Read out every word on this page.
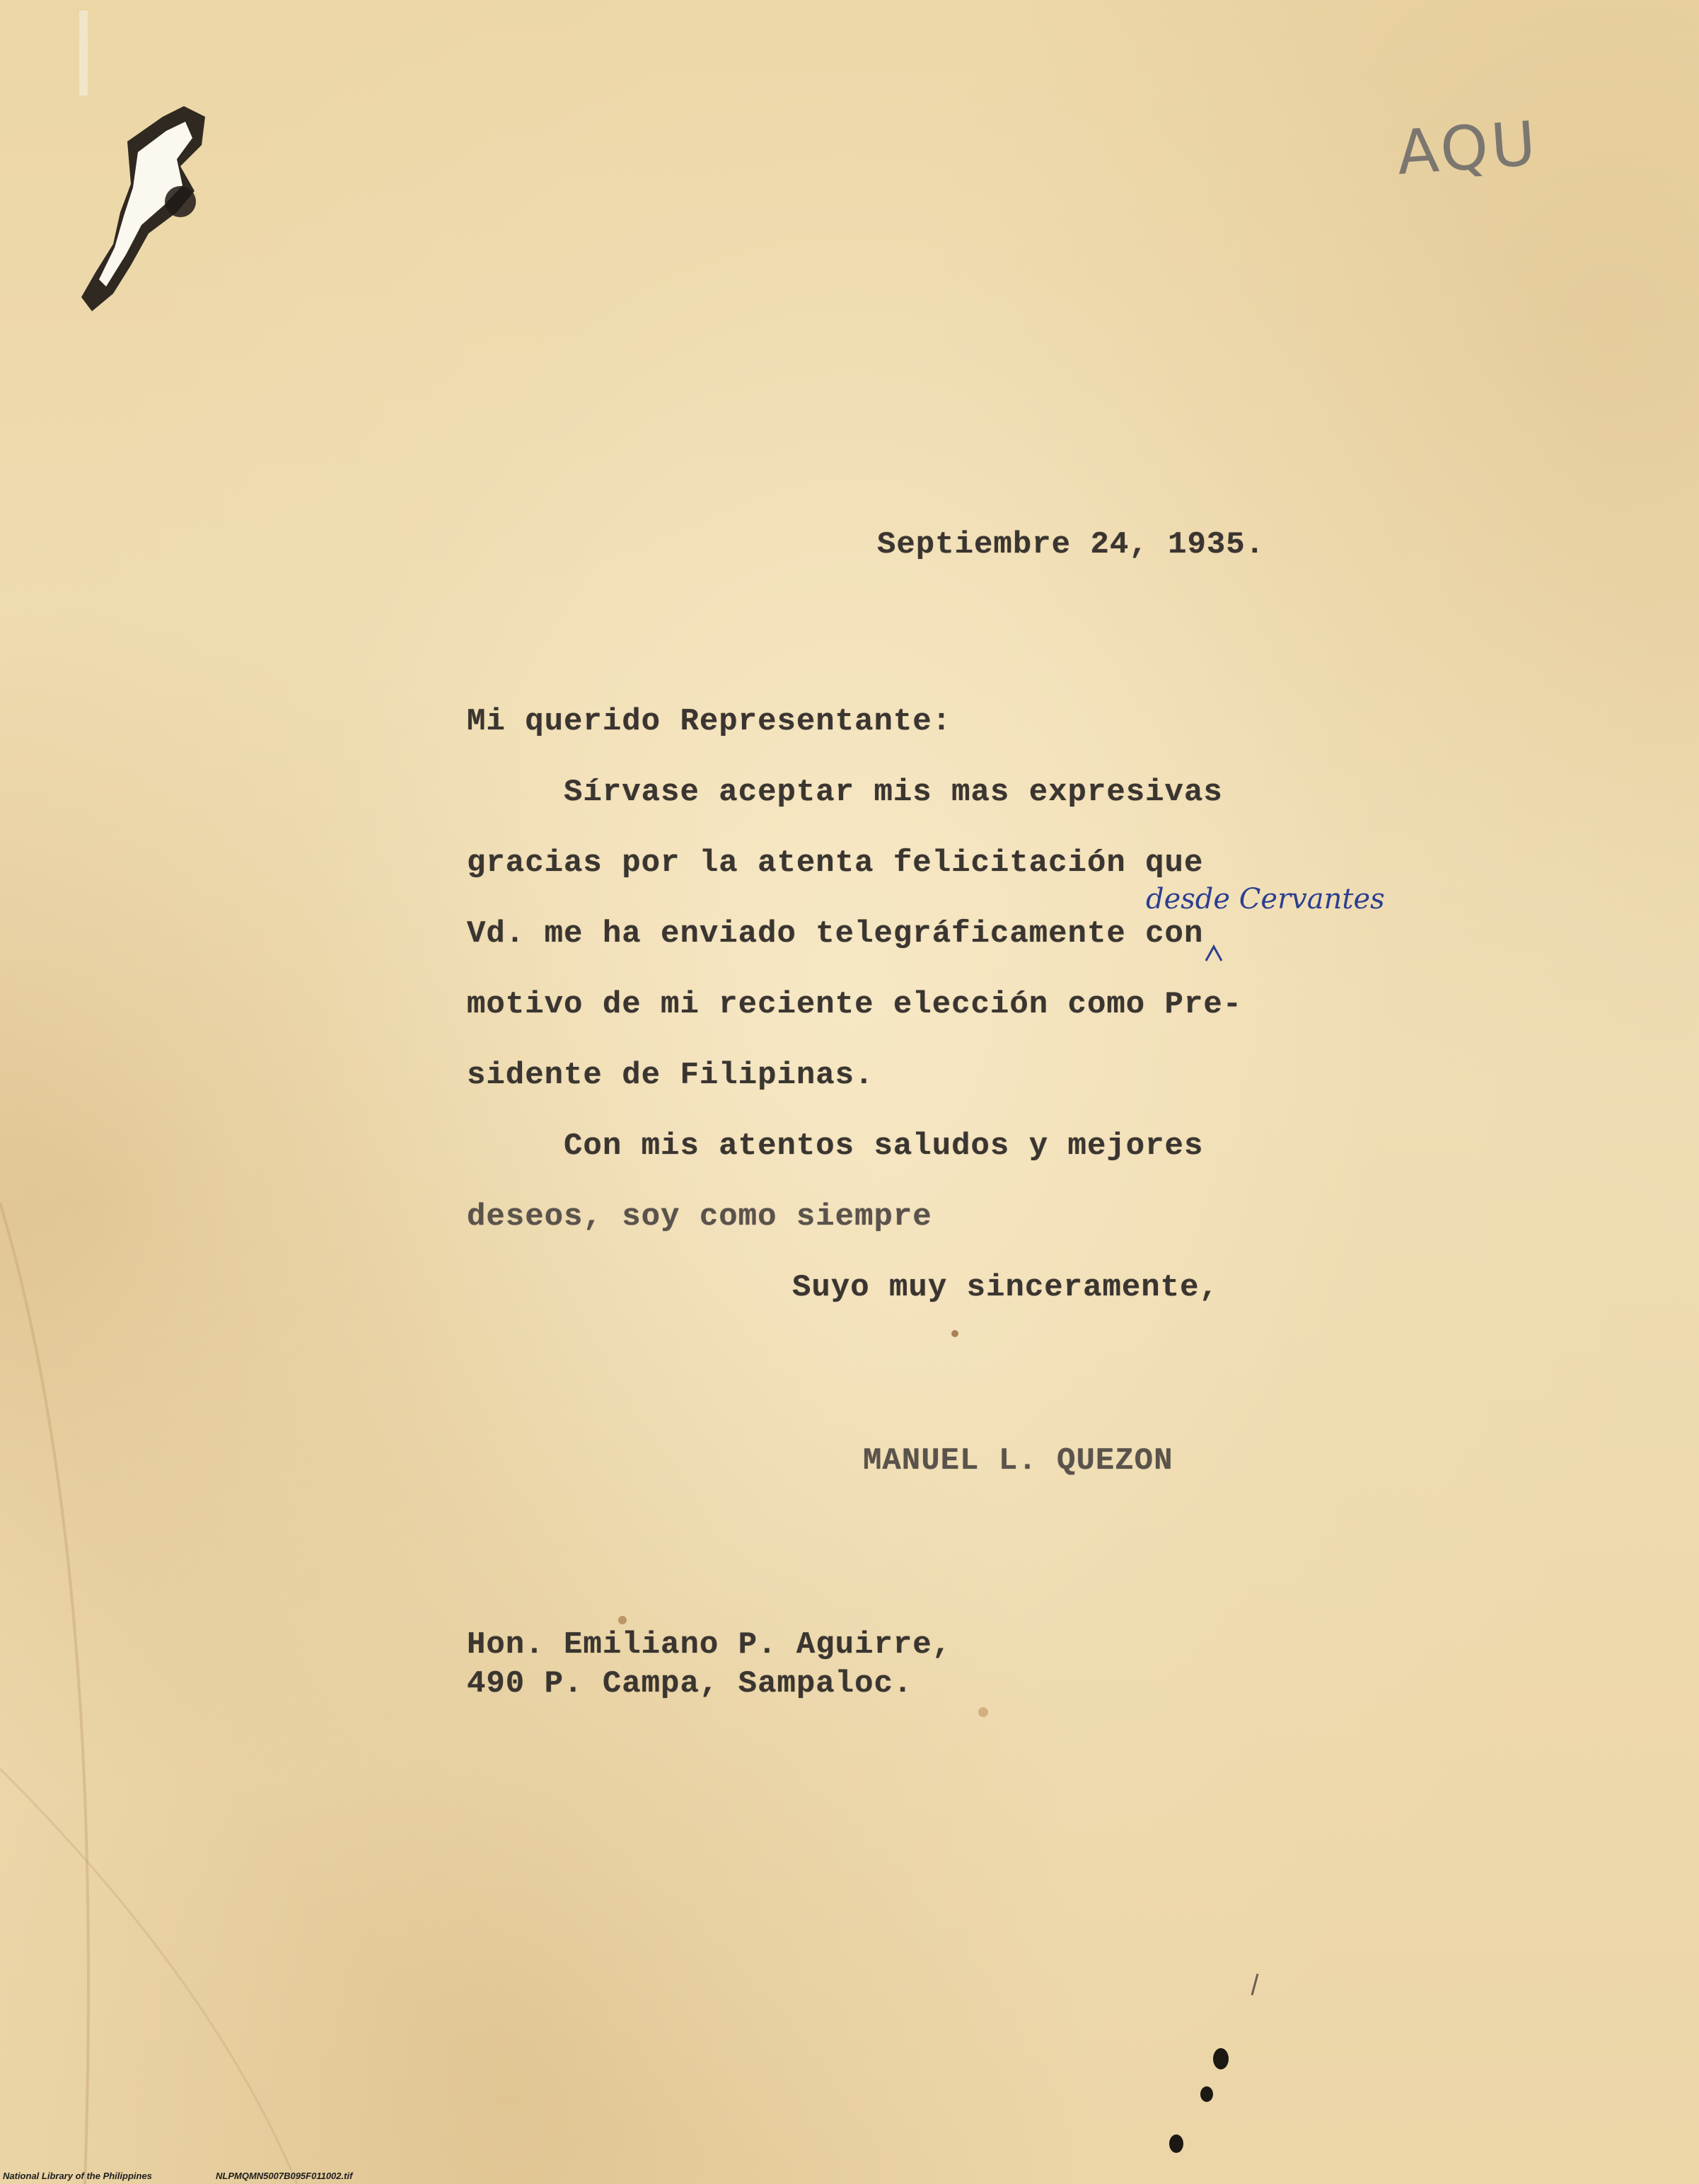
AQU

Septiembre 24, 1935.

Mi querido Representante:

Sírvase aceptar mis mas expresivas

gracias por la atenta felicitación que

desde Cervantes

Vd. me ha enviado telegráficamente con

motivo de mi reciente elección como Pre-

sidente de Filipinas.

Con mis atentos saludos y mejores

deseos, soy como siempre

Suyo muy sinceramente,

MANUEL L. QUEZON

Hon. Emiliano P. Aguirre,

490 P. Campa, Sampaloc.

National Library of the Philippines	NLPMQMN5007B095F011002.tif
